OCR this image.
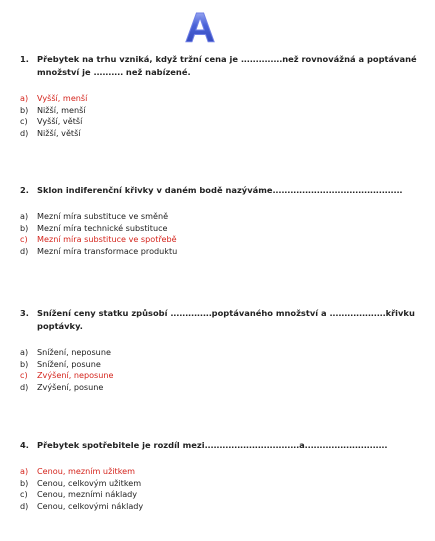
A
1. Přebytek na trhu vzniká, když tržní cena je ..............než rovnovážná a poptávané množství je .......... než nabízené.
a)	Vyšší, menší
b)	Nižší, menší
c)	Vyšší, větší
d)	Nižší, větší
2. Sklon indiferenční křivky v daném bodě nazýváme............................................
a)	Mezní míra substituce ve směně
b)	Mezní míra technické substituce
c)	Mezní míra substituce ve spotřebě
d)	Mezní míra transformace produktu
3. Snížení ceny statku způsobí ..............poptávaného množství a ...................křivku poptávky.
a)	Snížení, neposune
b)	Snížení, posune
c)	Zvýšení, neposune
d)	Zvýšení, posune
4. Přebytek spotřebitele je rozdíl mezi................................a............................
a)	Cenou, mezním užitkem
b)	Cenou, celkovým užitkem
c)	Cenou, mezními náklady
d)	Cenou, celkovými náklady
